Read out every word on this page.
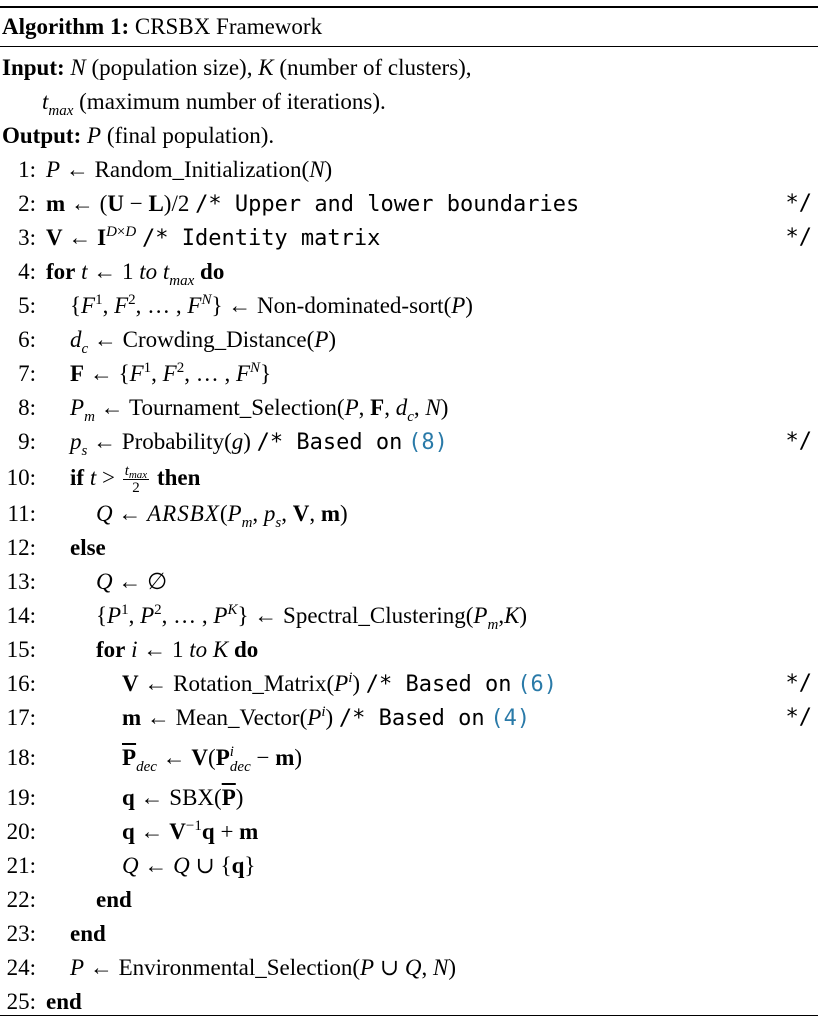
Algorithm 1: CRSBX Framework
Input: N (population size), K (number of clusters),
$t_{max}$ (maximum number of iterations).
Output: P (final population).
1: P ← Random_Initialization(N)
2: m ← (U − L)/2 /* Upper and lower boundaries	*/
3: V ← $I^{D\times D}$ /* Identity matrix	*/
4: for t ← 1 to $t_{max}$ do
5: {$F^1$, $F^2$, … , $F^N$} ← Non-dominated-sort(P)
6: $d_c$ ← Crowding_Distance(P)
7: F ← {$F^1$, $F^2$, … , $F^N$}
8: $P_m$ ← Tournament_Selection(P, F, $d_c$, N)
9: $p_s$ ← Probability(g) /* Based on (8)	*/
10: if $t > \frac{t_{max}}{2}$ then
11:	Q ← $ARSBX(P_m$, $p_s$, V, m)
12: else
13:	Q ← ∅
14:	{$P^1$, $P^2$, … , $P^K$} ← $Spectral\_Clustering(P_m,K)$
15:	for i ← 1 to K do
16:	V ← $Rotation\_Matrix(P^i)$ /* Based on (6)	*/
17:	m ← $Mean\_Vector(P^i)$ /* Based on (4)	*/
18:	$\overline{P}_{dec}$ ← $V(P^i_{dec} - m)$
19:	q ← $SBX(\overline{P})$
20:	q ← $V^{-1}q + m$
21:	Q ← Q ∪ {q}
22:	end
23: end
24: P ← Environmental_Selection(P ∪ Q, N)
25: end
